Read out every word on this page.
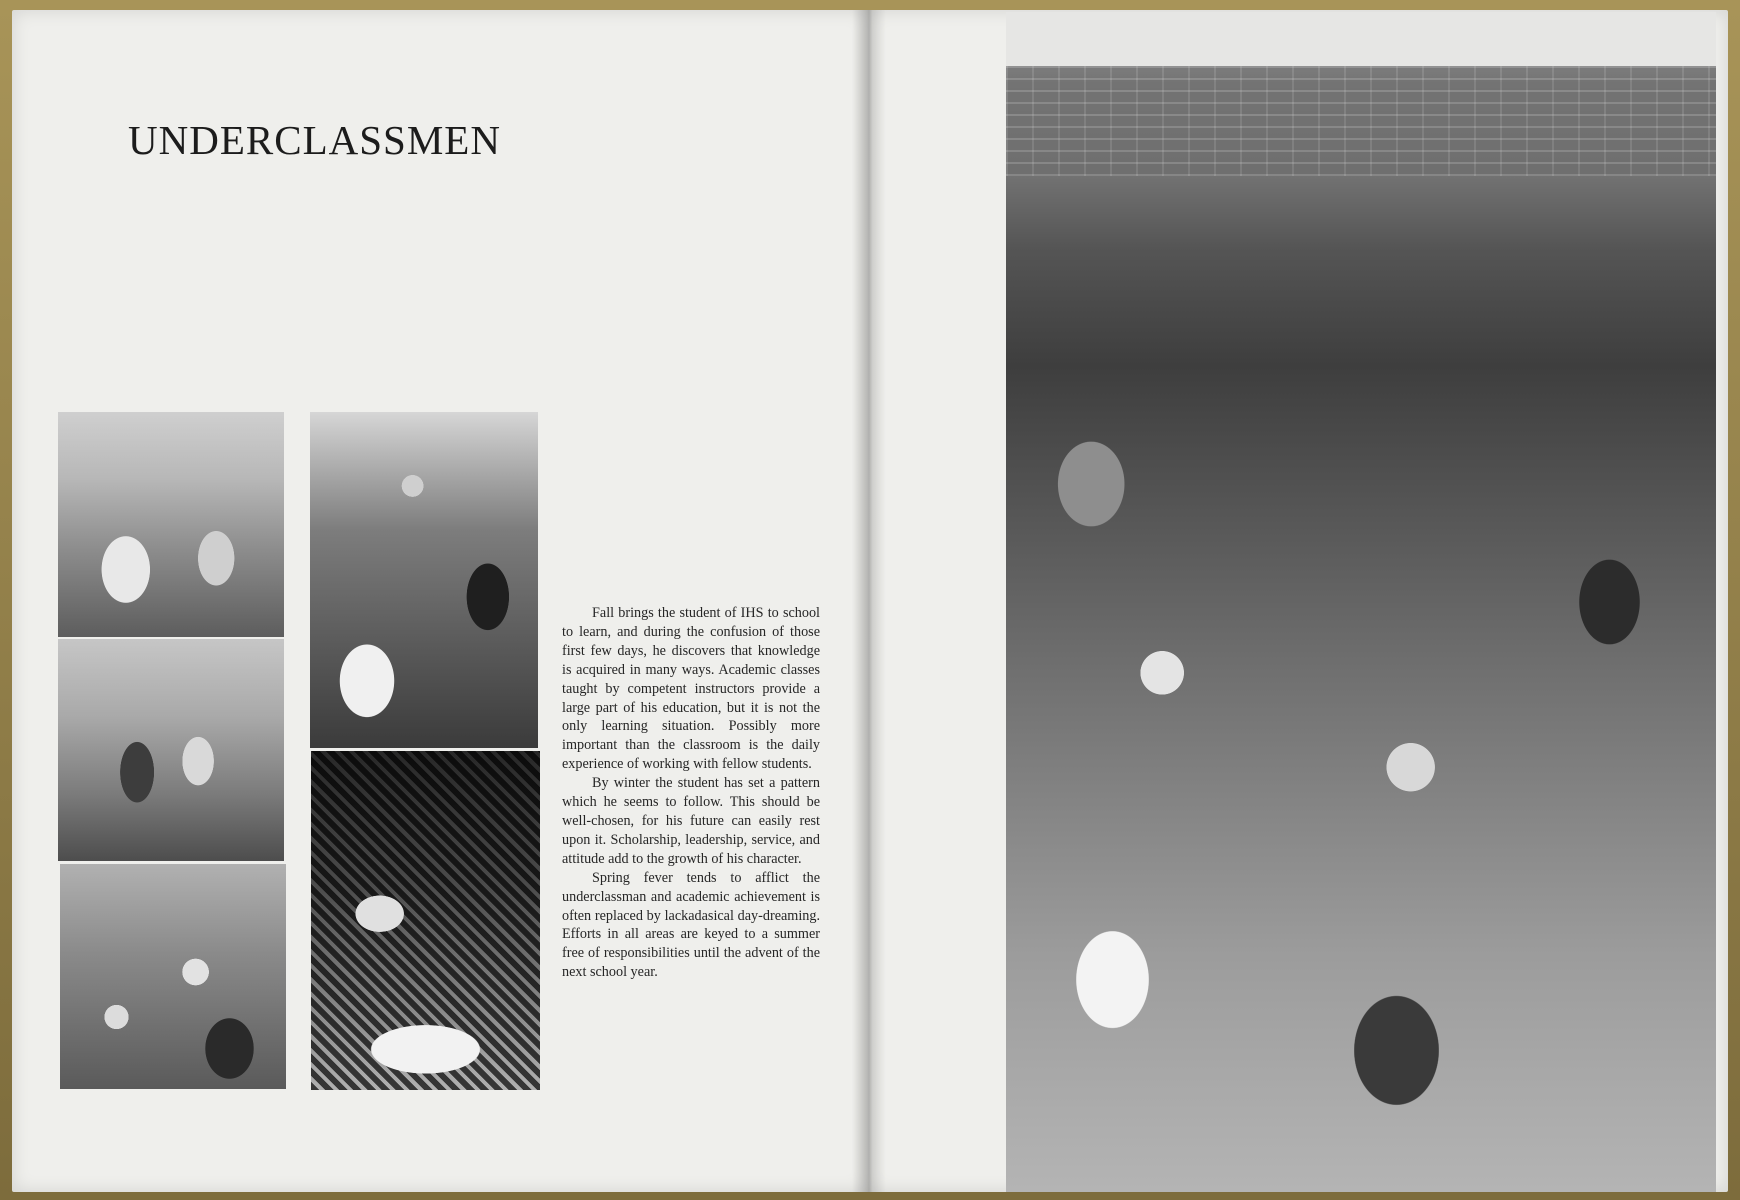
UNDERCLASSMEN

Fall brings the student of IHS to school to learn, and during the confusion of those first few days, he discovers that knowledge is acquired in many ways. Academic classes taught by competent instructors provide a large part of his education, but it is not the only learning situation. Possibly more important than the classroom is the daily experience of working with fellow students.

By winter the student has set a pattern which he seems to follow. This should be well-chosen, for his future can easily rest upon it. Scholarship, leadership, service, and attitude add to the growth of his character.

Spring fever tends to afflict the underclassman and academic achievement is often replaced by lackadasical day-dreaming. Efforts in all areas are keyed to a summer free of responsibilities until the advent of the next school year.
